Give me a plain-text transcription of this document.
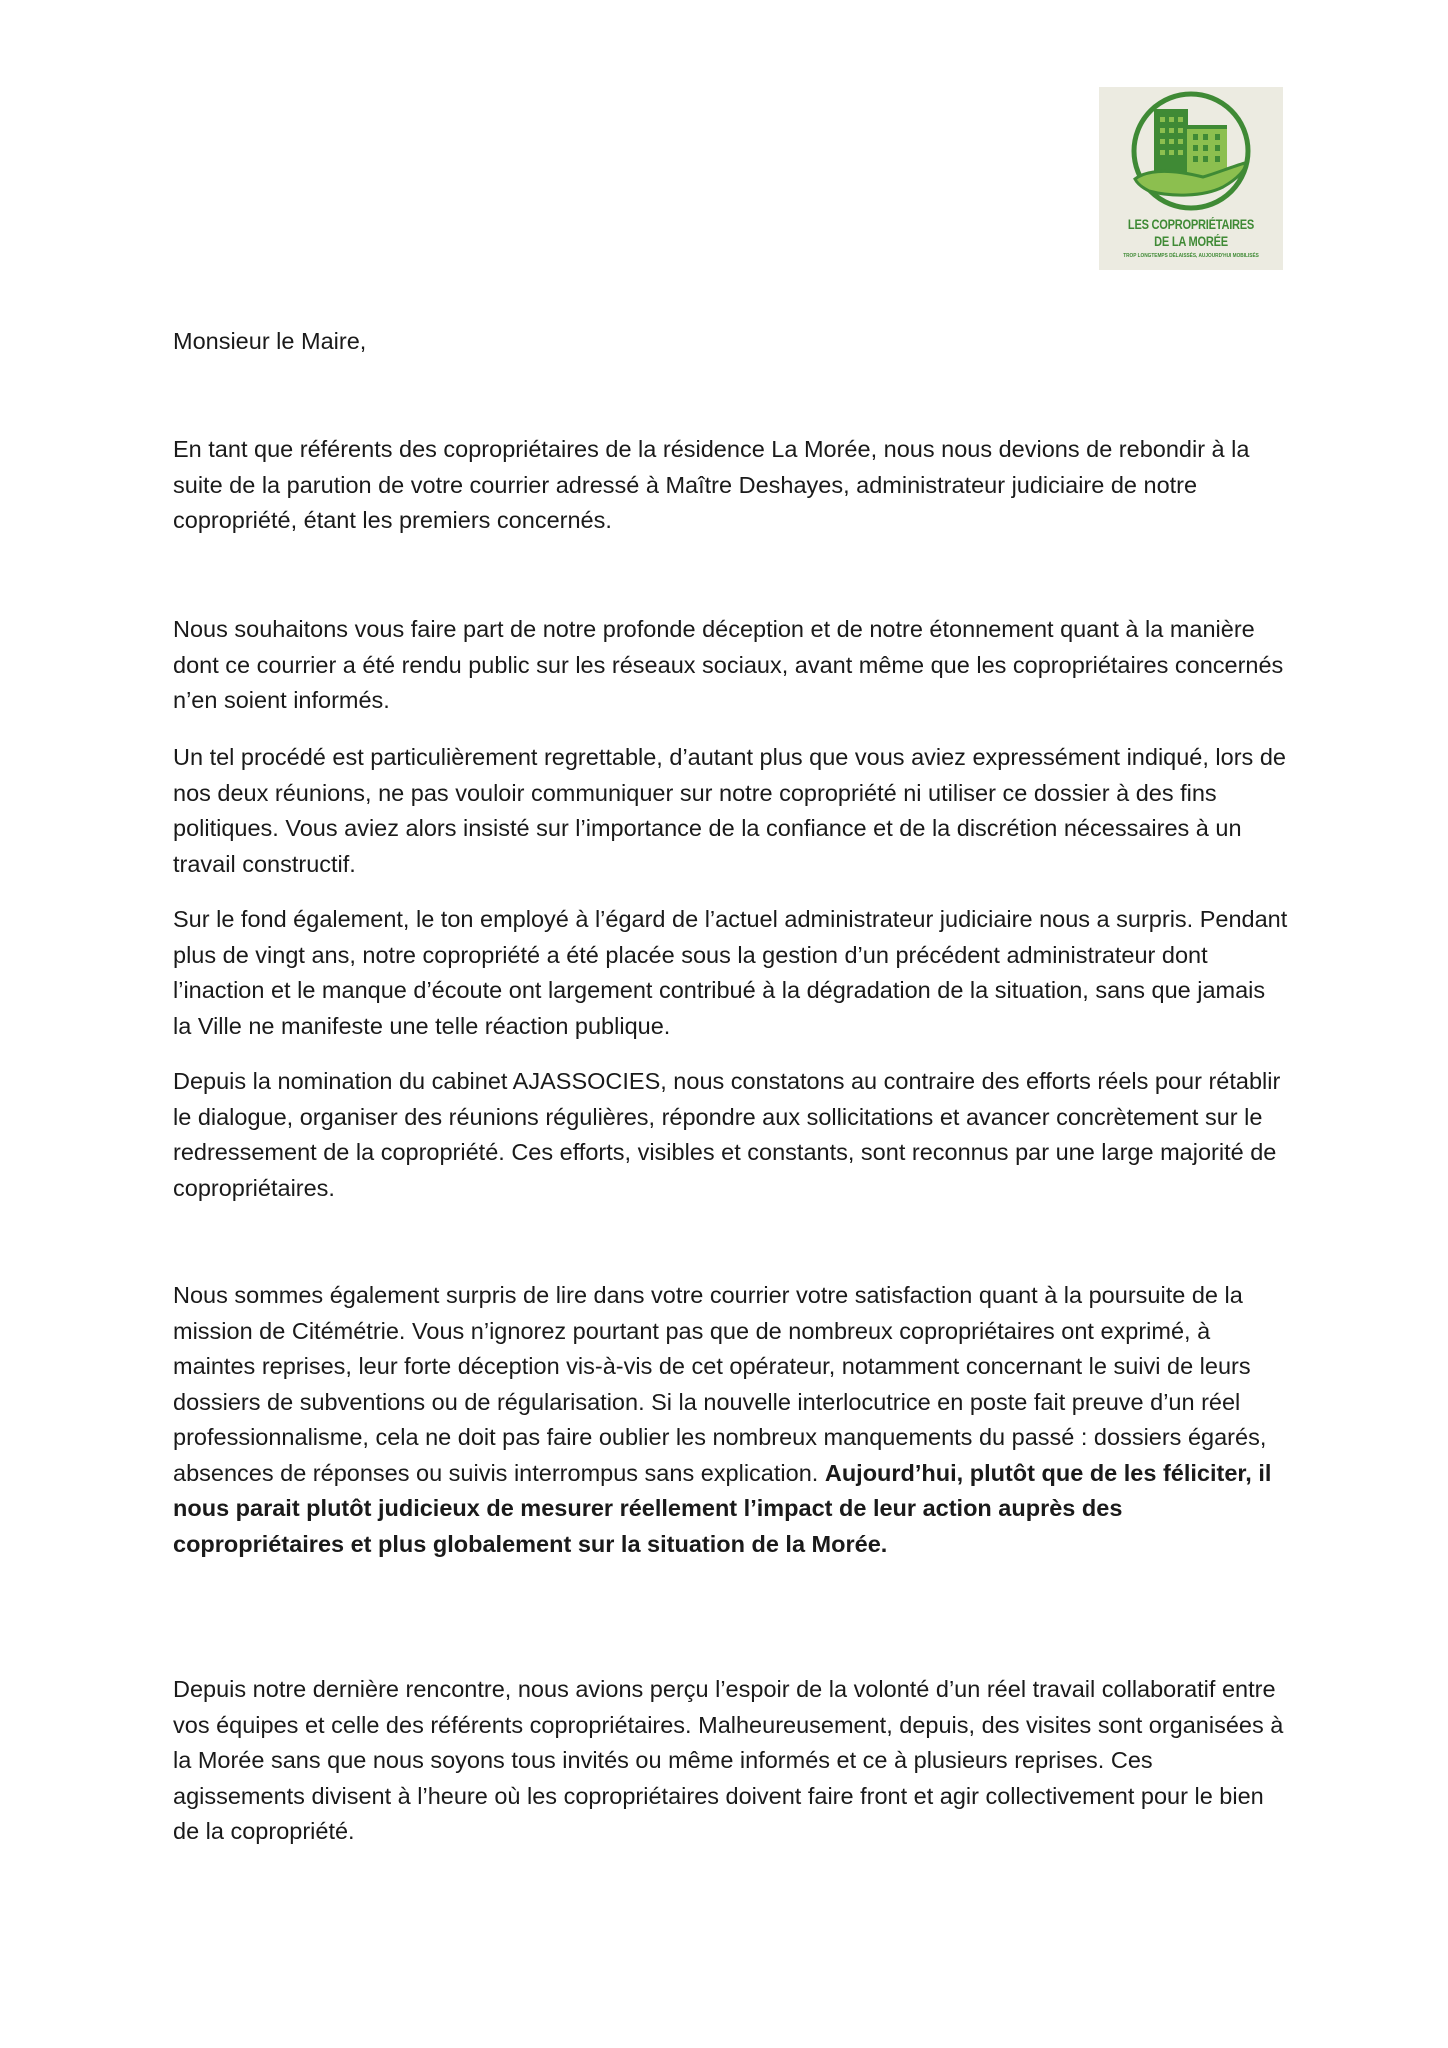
LES COPROPRIÉTAIRES
DE LA MORÉE
TROP LONGTEMPS DÉLAISSÉS, AUJOURD'HUI MOBILISÉS

Monsieur le Maire,

En tant que référents des copropriétaires de la résidence La Morée, nous nous devions de rebondir à la suite de la parution de votre courrier adressé à Maître Deshayes, administrateur judiciaire de notre copropriété, étant les premiers concernés.

Nous souhaitons vous faire part de notre profonde déception et de notre étonnement quant à la manière dont ce courrier a été rendu public sur les réseaux sociaux, avant même que les copropriétaires concernés n’en soient informés.

Un tel procédé est particulièrement regrettable, d’autant plus que vous aviez expressément indiqué, lors de nos deux réunions, ne pas vouloir communiquer sur notre copropriété ni utiliser ce dossier à des fins politiques. Vous aviez alors insisté sur l’importance de la confiance et de la discrétion nécessaires à un travail constructif.

Sur le fond également, le ton employé à l’égard de l’actuel administrateur judiciaire nous a surpris. Pendant plus de vingt ans, notre copropriété a été placée sous la gestion d’un précédent administrateur dont l’inaction et le manque d’écoute ont largement contribué à la dégradation de la situation, sans que jamais la Ville ne manifeste une telle réaction publique.

Depuis la nomination du cabinet AJASSOCIES, nous constatons au contraire des efforts réels pour rétablir le dialogue, organiser des réunions régulières, répondre aux sollicitations et avancer concrètement sur le redressement de la copropriété. Ces efforts, visibles et constants, sont reconnus par une large majorité de copropriétaires.

Nous sommes également surpris de lire dans votre courrier votre satisfaction quant à la poursuite de la mission de Citémétrie. Vous n’ignorez pourtant pas que de nombreux copropriétaires ont exprimé, à maintes reprises, leur forte déception vis-à-vis de cet opérateur, notamment concernant le suivi de leurs dossiers de subventions ou de régularisation. Si la nouvelle interlocutrice en poste fait preuve d’un réel professionnalisme, cela ne doit pas faire oublier les nombreux manquements du passé : dossiers égarés, absences de réponses ou suivis interrompus sans explication. Aujourd’hui, plutôt que de les féliciter, il nous parait plutôt judicieux de mesurer réellement l’impact de leur action auprès des copropriétaires et plus globalement sur la situation de la Morée.

Depuis notre dernière rencontre, nous avions perçu l’espoir de la volonté d’un réel travail collaboratif entre vos équipes et celle des référents copropriétaires. Malheureusement, depuis, des visites sont organisées à la Morée sans que nous soyons tous invités ou même informés et ce à plusieurs reprises. Ces agissements divisent à l’heure où les copropriétaires doivent faire front et agir collectivement pour le bien de la copropriété.
